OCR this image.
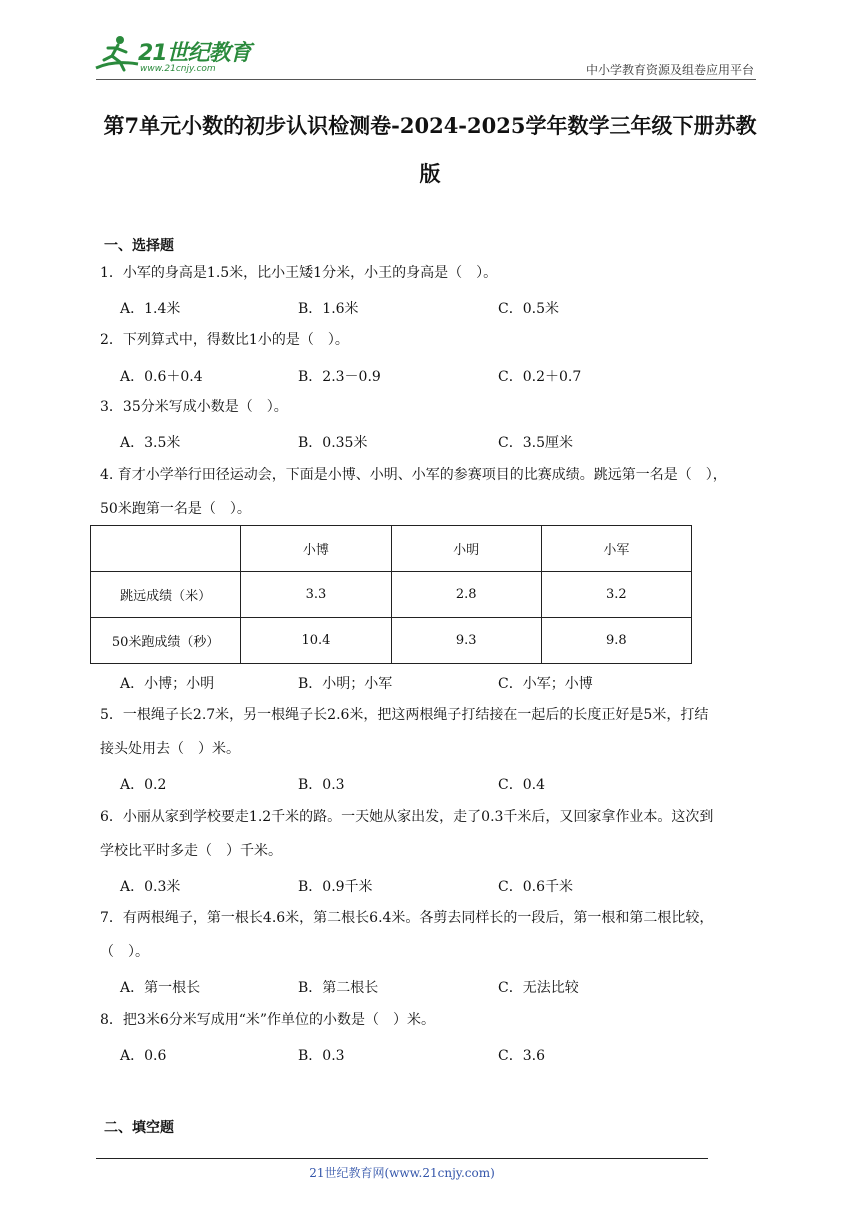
21世纪教育
www.21cnjy.com	中小学教育资源及组卷应用平台
第7单元小数的初步认识检测卷-2024-2025学年数学三年级下册苏教
版
一、选择题
1．小军的身高是1.5米，比小王矮1分米，小王的身高是（　）。
A．1.4米	B．1.6米	C．0.5米
2．下列算式中，得数比1小的是（　）。
A．0.6＋0.4	B．2.3－0.9	C．0.2＋0.7
3．35分米写成小数是（　）。
A．3.5米	B．0.35米	C．3.5厘米
4. 育才小学举行田径运动会，下面是小博、小明、小军的参赛项目的比赛成绩。跳远第一名是（　），
50米跑第一名是（　）。
	小博	小明	小军
跳远成绩（米）	3.3	2.8	3.2
50米跑成绩（秒）	10.4	9.3	9.8
A．小博；小明	B．小明；小军	C．小军；小博
5．一根绳子长2.7米，另一根绳子长2.6米，把这两根绳子打结接在一起后的长度正好是5米，打结
接头处用去（　）米。
A．0.2	B．0.3	C．0.4
6．小丽从家到学校要走1.2千米的路。一天她从家出发，走了0.3千米后，又回家拿作业本。这次到
学校比平时多走（　）千米。
A．0.3米	B．0.9千米	C．0.6千米
7．有两根绳子，第一根长4.6米，第二根长6.4米。各剪去同样长的一段后，第一根和第二根比较，
（　）。
A．第一根长	B．第二根长	C．无法比较
8．把3米6分米写成用“米”作单位的小数是（　）米。
A．0.6	B．0.3	C．3.6
二、填空题
21世纪教育网(www.21cnjy.com)
